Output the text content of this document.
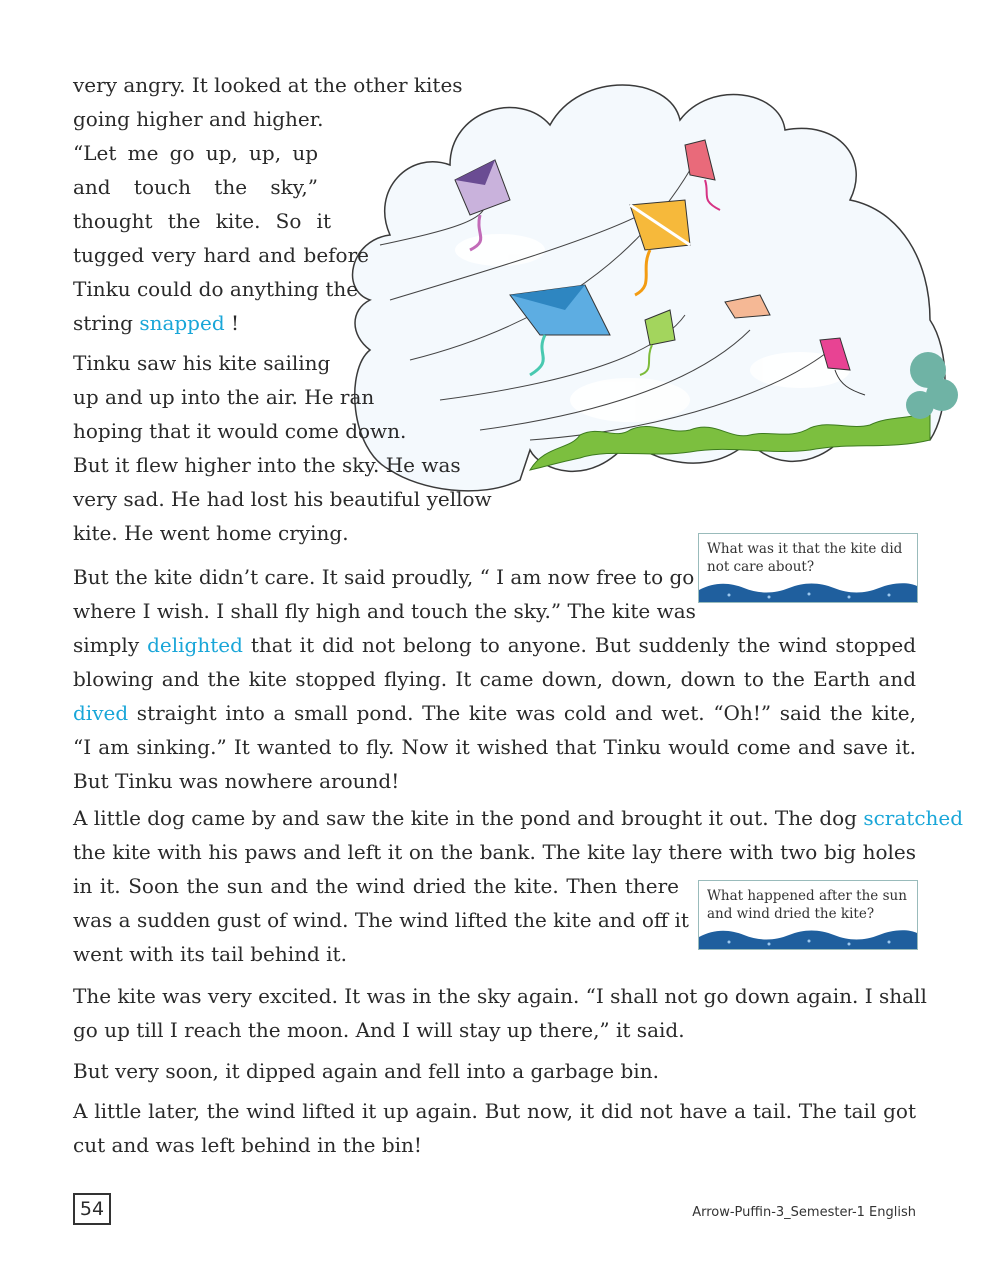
very angry. It looked at the other kites
going higher and higher.
“Let me go up, up, up
and touch the sky,”
thought the kite. So it
tugged very hard and before
Tinku could do anything the
string snapped !
Tinku saw his kite sailing
up and up into the air. He ran
hoping that it would come down.
But it flew higher into the sky. He was
very sad. He had lost his beautiful yellow
kite. He went home crying.
What was it that the kite did
not care about?
But the kite didn’t care. It said proudly, “ I am now free to go
where I wish. I shall fly high and touch the sky.” The kite was
simply delighted that it did not belong to anyone. But suddenly the wind stopped
blowing and the kite stopped flying. It came down, down, down to the Earth and
dived straight into a small pond. The kite was cold and wet. “Oh!” said the kite,
“I am sinking.” It wanted to fly. Now it wished that Tinku would come and save it.
But Tinku was nowhere around!
A little dog came by and saw the kite in the pond and brought it out. The dog scratched
the kite with his paws and left it on the bank. The kite lay there with two big holes
in it. Soon the sun and the wind dried the kite. Then there
was a sudden gust of wind. The wind lifted the kite and off it
went with its tail behind it.
What happened after the sun
and wind dried the kite?
The kite was very excited. It was in the sky again. “I shall not go down again. I shall
go up till I reach the moon. And I will stay up there,” it said.
But very soon, it dipped again and fell into a garbage bin.
A little later, the wind lifted it up again. But now, it did not have a tail. The tail got
cut and was left behind in the bin!
54	Arrow-Puffin-3_Semester-1 English
